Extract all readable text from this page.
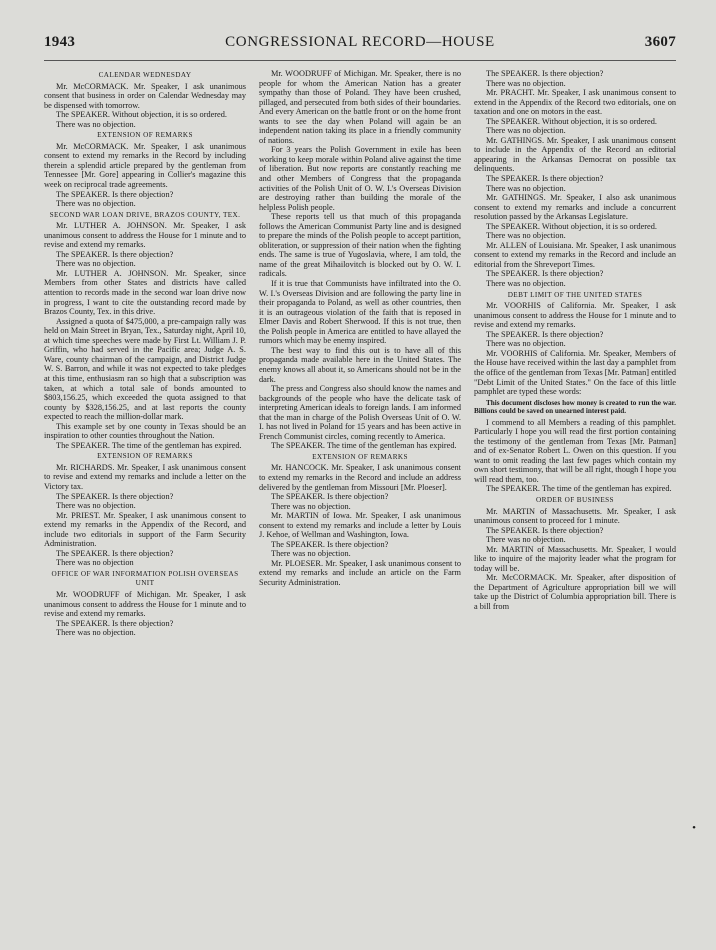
1943	CONGRESSIONAL RECORD—HOUSE	3607

CALENDAR WEDNESDAY

Mr. McCORMACK. Mr. Speaker, I ask unanimous consent that business in order on Calendar Wednesday may be dispensed with tomorrow.

The SPEAKER. Without objection, it is so ordered.

There was no objection.

EXTENSION OF REMARKS

Mr. McCORMACK. Mr. Speaker, I ask unanimous consent to extend my remarks in the Record by including therein a splendid article prepared by the gentleman from Tennessee [Mr. Gore] appearing in Collier's magazine this week on reciprocal trade agreements.

The SPEAKER. Is there objection?

There was no objection.

SECOND WAR LOAN DRIVE, BRAZOS COUNTY, TEX.

Mr. LUTHER A. JOHNSON. Mr. Speaker, I ask unanimous consent to address the House for 1 minute and to revise and extend my remarks.

The SPEAKER. Is there objection?

There was no objection.

Mr. LUTHER A. JOHNSON. Mr. Speaker, since Members from other States and districts have called attention to records made in the second war loan drive now in progress, I want to cite the outstanding record made by Brazos County, Tex. in this drive.

Assigned a quota of $475,000, a pre-campaign rally was held on Main Street in Bryan, Tex., Saturday night, April 10, at which time speeches were made by First Lt. William J. P. Griffin, who had served in the Pacific area; Judge A. S. Ware, county chairman of the campaign, and District Judge W. S. Barron, and while it was not expected to take pledges at this time, enthusiasm ran so high that a subscription was taken, at which a total sale of bonds amounted to $803,156.25, which exceeded the quota assigned to that county by $328,156.25, and at last reports the county expected to reach the million-dollar mark.

This example set by one county in Texas should be an inspiration to other counties throughout the Nation.

The SPEAKER. The time of the gentleman has expired.

EXTENSION OF REMARKS

Mr. RICHARDS. Mr. Speaker, I ask unanimous consent to revise and extend my remarks and include a letter on the Victory tax.

The SPEAKER. Is there objection?

There was no objection.

Mr. PRIEST. Mr. Speaker, I ask unanimous consent to extend my remarks in the Appendix of the Record, and include two editorials in support of the Farm Security Administration.

The SPEAKER. Is there objection?

There was no objection

OFFICE OF WAR INFORMATION POLISH OVERSEAS UNIT

Mr. WOODRUFF of Michigan. Mr. Speaker, I ask unanimous consent to address the House for 1 minute and to revise and extend my remarks.

The SPEAKER. Is there objection?

There was no objection.

Mr. WOODRUFF of Michigan. Mr. Speaker, there is no people for whom the American Nation has a greater sympathy than those of Poland. They have been crushed, pillaged, and persecuted from both sides of their boundaries. And every American on the battle front or on the home front wants to see the day when Poland will again be an independent nation taking its place in a friendly community of nations.

For 3 years the Polish Government in exile has been working to keep morale within Poland alive against the time of liberation. But now reports are constantly reaching me and other Members of Congress that the propaganda activities of the Polish Unit of O. W. I.'s Overseas Division are destroying rather than building the morale of the helpless Polish people.

These reports tell us that much of this propaganda follows the American Communist Party line and is designed to prepare the minds of the Polish people to accept partition, obliteration, or suppression of their nation when the fighting ends. The same is true of Yugoslavia, where, I am told, the name of the great Mihailovitch is blocked out by O. W. I. radicals.

If it is true that Communists have infiltrated into the O. W. I.'s Overseas Division and are following the party line in their propaganda to Poland, as well as other countries, then it is an outrageous violation of the faith that is reposed in Elmer Davis and Robert Sherwood. If this is not true, then the Polish people in America are entitled to have allayed the rumors which may be enemy inspired.

The best way to find this out is to have all of this propaganda made available here in the United States. The enemy knows all about it, so Americans should not be in the dark.

The press and Congress also should know the names and backgrounds of the people who have the delicate task of interpreting American ideals to foreign lands. I am informed that the man in charge of the Polish Overseas Unit of O. W. I. has not lived in Poland for 15 years and has been active in French Communist circles, coming recently to America.

The SPEAKER. The time of the gentleman has expired.

EXTENSION OF REMARKS

Mr. HANCOCK. Mr. Speaker, I ask unanimous consent to extend my remarks in the Record and include an address delivered by the gentleman from Missouri [Mr. Ploeser].

The SPEAKER. Is there objection?

There was no objection.

Mr. MARTIN of Iowa. Mr. Speaker, I ask unanimous consent to extend my remarks and include a letter by Louis J. Kehoe, of Wellman and Washington, Iowa.

The SPEAKER. Is there objection?

There was no objection.

Mr. PLOESER. Mr. Speaker, I ask unanimous consent to extend my remarks and include an article on the Farm Security Administration.

The SPEAKER. Is there objection?

There was no objection.

Mr. PRACHT. Mr. Speaker, I ask unanimous consent to extend in the Appendix of the Record two editorials, one on taxation and one on motors in the east.

The SPEAKER. Without objection, it is so ordered.

There was no objection.

Mr. GATHINGS. Mr. Speaker, I ask unanimous consent to include in the Appendix of the Record an editorial appearing in the Arkansas Democrat on possible tax delinquents.

The SPEAKER. Is there objection?

There was no objection.

Mr. GATHINGS. Mr. Speaker, I also ask unanimous consent to extend my remarks and include a concurrent resolution passed by the Arkansas Legislature.

The SPEAKER. Without objection, it is so ordered.

There was no objection.

Mr. ALLEN of Louisiana. Mr. Speaker, I ask unanimous consent to extend my remarks in the Record and include an editorial from the Shreveport Times.

The SPEAKER. Is there objection?

There was no objection.

DEBT LIMIT OF THE UNITED STATES

Mr. VOORHIS of California. Mr. Speaker, I ask unanimous consent to address the House for 1 minute and to revise and extend my remarks.

The SPEAKER. Is there objection?

There was no objection.

Mr. VOORHIS of California. Mr. Speaker, Members of the House have received within the last day a pamphlet from the office of the gentleman from Texas [Mr. Patman] entitled "Debt Limit of the United States." On the face of this little pamphlet are typed these words:

This document discloses how money is created to run the war. Billions could be saved on unearned interest paid.

I commend to all Members a reading of this pamphlet. Particularly I hope you will read the first portion containing the testimony of the gentleman from Texas [Mr. Patman] and of ex-Senator Robert L. Owen on this question. If you want to omit reading the last few pages which contain my own short testimony, that will be all right, though I hope you will read them, too.

The SPEAKER. The time of the gentleman has expired.

ORDER OF BUSINESS

Mr. MARTIN of Massachusetts. Mr. Speaker, I ask unanimous consent to proceed for 1 minute.

The SPEAKER. Is there objection?

There was no objection.

Mr. MARTIN of Massachusetts. Mr. Speaker, I would like to inquire of the majority leader what the program for today will be.

Mr. McCORMACK. Mr. Speaker, after disposition of the Department of Agriculture appropriation bill we will take up the District of Columbia appropriation bill. There is a bill from

•
